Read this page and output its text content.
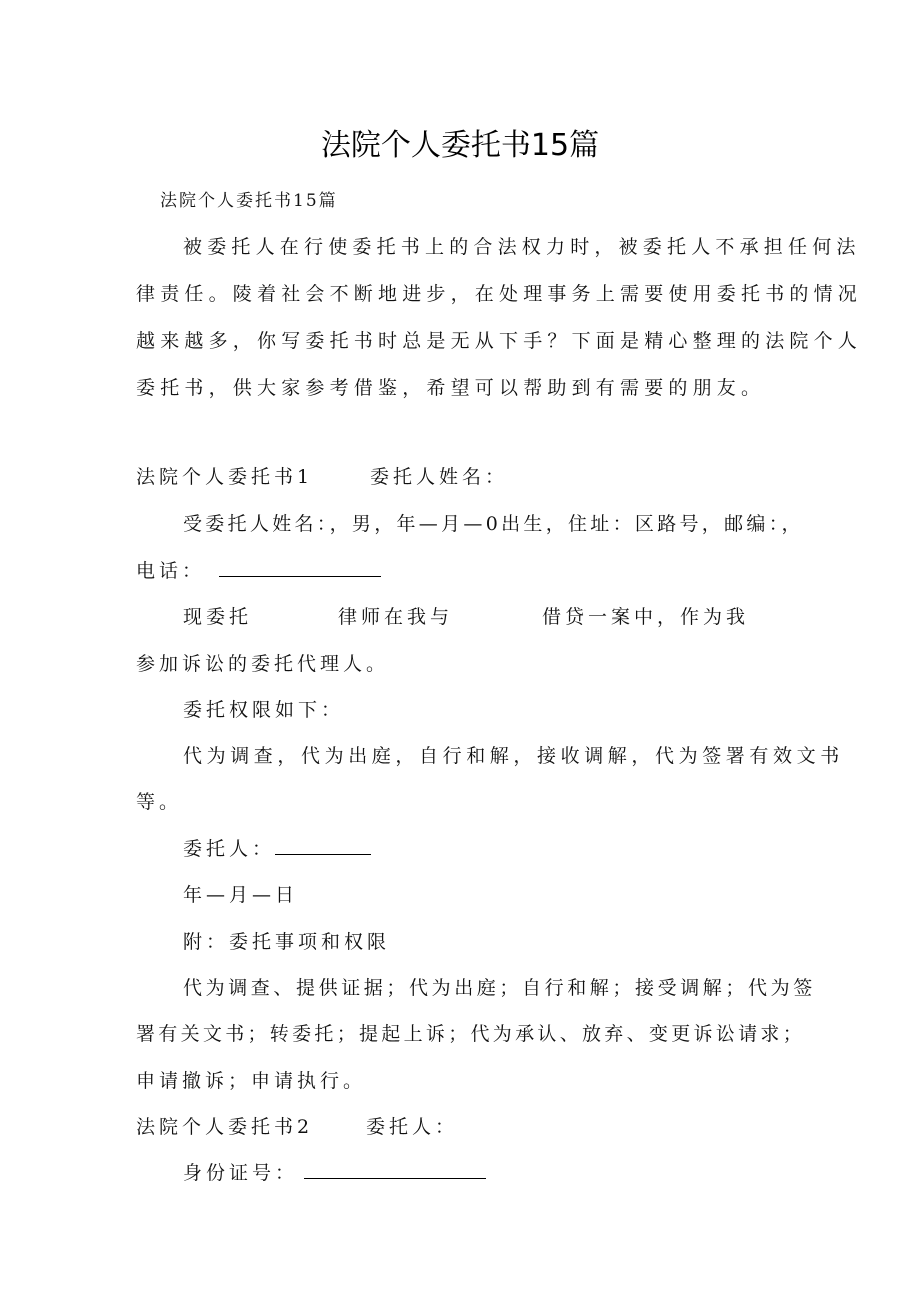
法院个人委托书15篇
法院个人委托书15篇
被委托人在行使委托书上的合法权力时，被委托人不承担任何法
律责任。陵着社会不断地进步，在处理事务上需要使用委托书的情况
越来越多，你写委托书时总是无从下手？下面是精心整理的法院个人
委托书，供大家参考借鉴，希望可以帮助到有需要的朋友。
法院个人委托书1	委托人姓名：
受委托人姓名：，男，年—月—0出生，住址：区路号，邮编：，
电话：
现委托	律师在我与	借贷一案中，作为我
参加诉讼的委托代理人。
委托权限如下：
代为调查，代为出庭，自行和解，接收调解，代为签署有效文书
等。
委托人：
年—月—日
附：委托事项和权限
代为调查、提供证据；代为出庭；自行和解；接受调解；代为签
署有关文书；转委托；提起上诉；代为承认、放弃、变更诉讼请求；
申请撤诉；申请执行。
法院个人委托书2	委托人：
身份证号：
